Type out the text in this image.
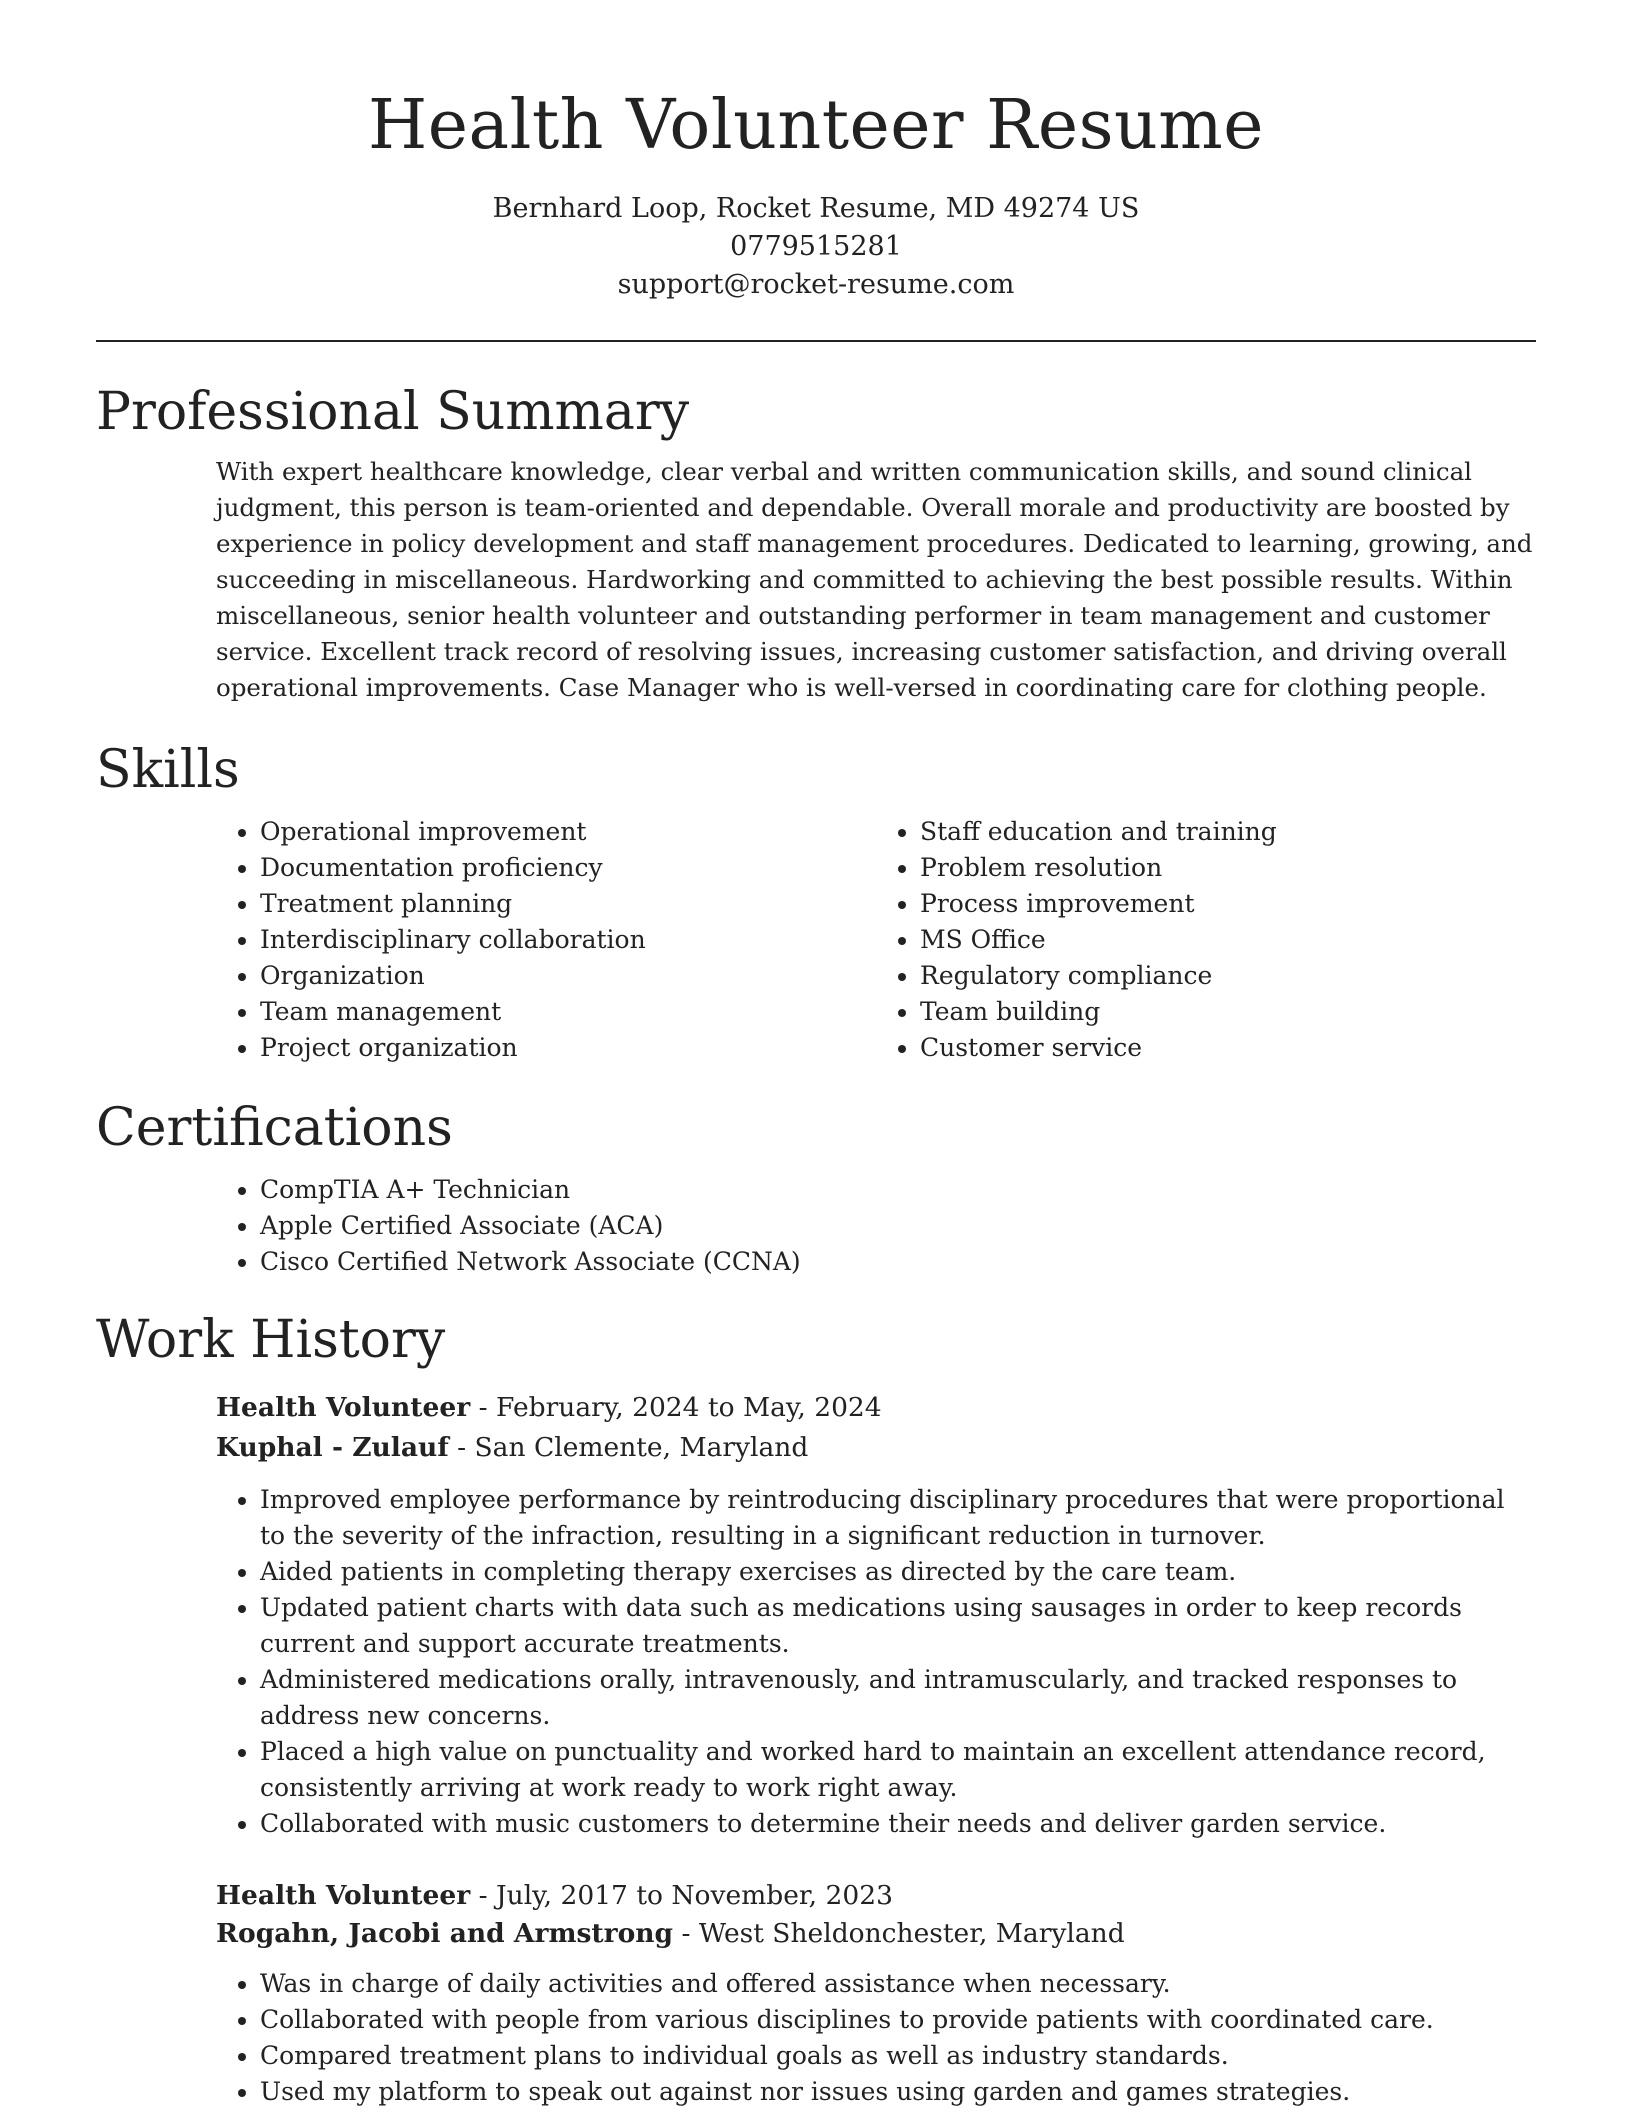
Health Volunteer Resume
Bernhard Loop, Rocket Resume, MD 49274 US
0779515281
support@rocket-resume.com
Professional Summary

With expert healthcare knowledge, clear verbal and written communication skills, and sound clinical judgment, this person is team-oriented and dependable. Overall morale and productivity are boosted by experience in policy development and staff management procedures. Dedicated to learning, growing, and succeeding in miscellaneous. Hardworking and committed to achieving the best possible results. Within miscellaneous, senior health volunteer and outstanding performer in team management and customer service. Excellent track record of resolving issues, increasing customer satisfaction, and driving overall operational improvements. Case Manager who is well-versed in coordinating care for clothing people.

Skills
• Operational improvement
• Documentation proficiency
• Treatment planning
• Interdisciplinary collaboration
• Organization
• Team management
• Project organization
• Staff education and training
• Problem resolution
• Process improvement
• MS Office
• Regulatory compliance
• Team building
• Customer service
Certifications
• CompTIA A+ Technician
• Apple Certified Associate (ACA)
• Cisco Certified Network Associate (CCNA)
Work History
Health Volunteer - February, 2024 to May, 2024
Kuphal - Zulauf - San Clemente, Maryland
• Improved employee performance by reintroducing disciplinary procedures that were proportional to the severity of the infraction, resulting in a significant reduction in turnover.
• Aided patients in completing therapy exercises as directed by the care team.
• Updated patient charts with data such as medications using sausages in order to keep records current and support accurate treatments.
• Administered medications orally, intravenously, and intramuscularly, and tracked responses to address new concerns.
• Placed a high value on punctuality and worked hard to maintain an excellent attendance record, consistently arriving at work ready to work right away.
• Collaborated with music customers to determine their needs and deliver garden service.
Health Volunteer - July, 2017 to November, 2023
Rogahn, Jacobi and Armstrong - West Sheldonchester, Maryland
• Was in charge of daily activities and offered assistance when necessary.
• Collaborated with people from various disciplines to provide patients with coordinated care.
• Compared treatment plans to individual goals as well as industry standards.
• Used my platform to speak out against nor issues using garden and games strategies.
